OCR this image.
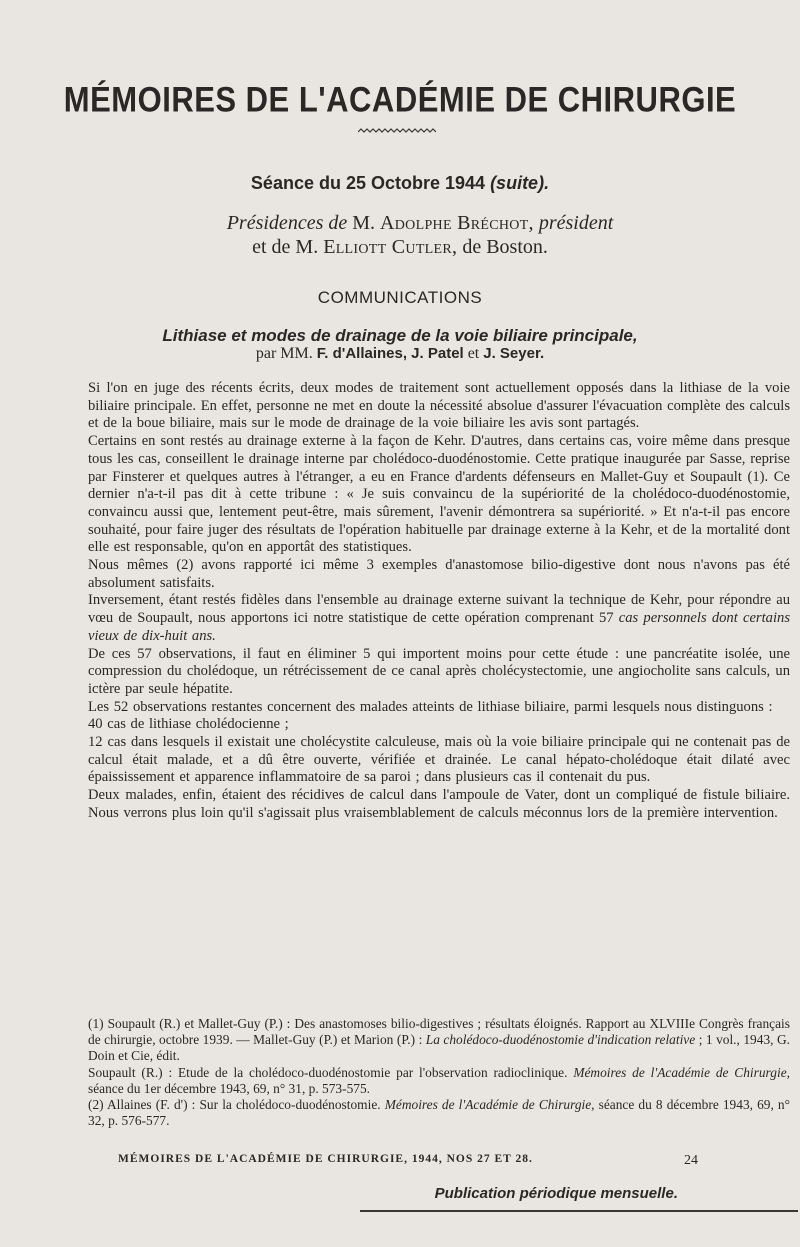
MÉMOIRES DE L'ACADÉMIE DE CHIRURGIE
Séance du 25 Octobre 1944 (suite).
Présidences de M. Adolphe Bréchot, président
et de M. Elliott Cutler, de Boston.
COMMUNICATIONS
Lithiase et modes de drainage de la voie biliaire principale,
par MM. F. d'Allaines, J. Patel et J. Seyer.

Si l'on en juge des récents écrits, deux modes de traitement sont actuellement opposés dans la lithiase de la voie biliaire principale. En effet, personne ne met en doute la nécessité absolue d'assurer l'évacuation complète des calculs et de la boue biliaire, mais sur le mode de drainage de la voie biliaire les avis sont partagés.

Certains en sont restés au drainage externe à la façon de Kehr. D'autres, dans certains cas, voire même dans presque tous les cas, conseillent le drainage interne par cholédoco-duodénostomie. Cette pratique inaugurée par Sasse, reprise par Finsterer et quelques autres à l'étranger, a eu en France d'ardents défenseurs en Mallet-Guy et Soupault (1). Ce dernier n'a-t-il pas dit à cette tribune : « Je suis convaincu de la supériorité de la cholédoco-duodénostomie, convaincu aussi que, lentement peut-être, mais sûrement, l'avenir démontrera sa supériorité. » Et n'a-t-il pas encore souhaité, pour faire juger des résultats de l'opération habituelle par drainage externe à la Kehr, et de la mortalité dont elle est responsable, qu'on en apportât des statistiques.

Nous mêmes (2) avons rapporté ici même 3 exemples d'anastomose bilio-digestive dont nous n'avons pas été absolument satisfaits.

Inversement, étant restés fidèles dans l'ensemble au drainage externe suivant la technique de Kehr, pour répondre au vœu de Soupault, nous apportons ici notre statistique de cette opération comprenant 57 cas personnels dont certains vieux de dix-huit ans.

De ces 57 observations, il faut en éliminer 5 qui importent moins pour cette étude : une pancréatite isolée, une compression du cholédoque, un rétrécissement de ce canal après cholécystectomie, une angiocholite sans calculs, un ictère par seule hépatite.

Les 52 observations restantes concernent des malades atteints de lithiase biliaire, parmi lesquels nous distinguons :

40 cas de lithiase cholédocienne ;

12 cas dans lesquels il existait une cholécystite calculeuse, mais où la voie biliaire principale qui ne contenait pas de calcul était malade, et a dû être ouverte, vérifiée et drainée. Le canal hépato-cholédoque était dilaté avec épaississement et apparence inflammatoire de sa paroi ; dans plusieurs cas il contenait du pus.

Deux malades, enfin, étaient des récidives de calcul dans l'ampoule de Vater, dont un compliqué de fistule biliaire. Nous verrons plus loin qu'il s'agissait plus vraisemblablement de calculs méconnus lors de la première intervention.

(1) Soupault (R.) et Mallet-Guy (P.) : Des anastomoses bilio-digestives ; résultats éloignés. Rapport au XLVIIIe Congrès français de chirurgie, octobre 1939. — Mallet-Guy (P.) et Marion (P.) : La cholédoco-duodénostomie d'indication relative ; 1 vol., 1943, G. Doin et Cie, édit.

Soupault (R.) : Etude de la cholédoco-duodénostomie par l'observation radioclinique. Mémoires de l'Académie de Chirurgie, séance du 1er décembre 1943, 69, n° 31, p. 573-575.

(2) Allaines (F. d') : Sur la cholédoco-duodénostomie. Mémoires de l'Académie de Chirurgie, séance du 8 décembre 1943, 69, n° 32, p. 576-577.

MÉMOIRES DE L'ACADÉMIE DE CHIRURGIE, 1944, NOS 27 ET 28.	24
Publication périodique mensuelle.
